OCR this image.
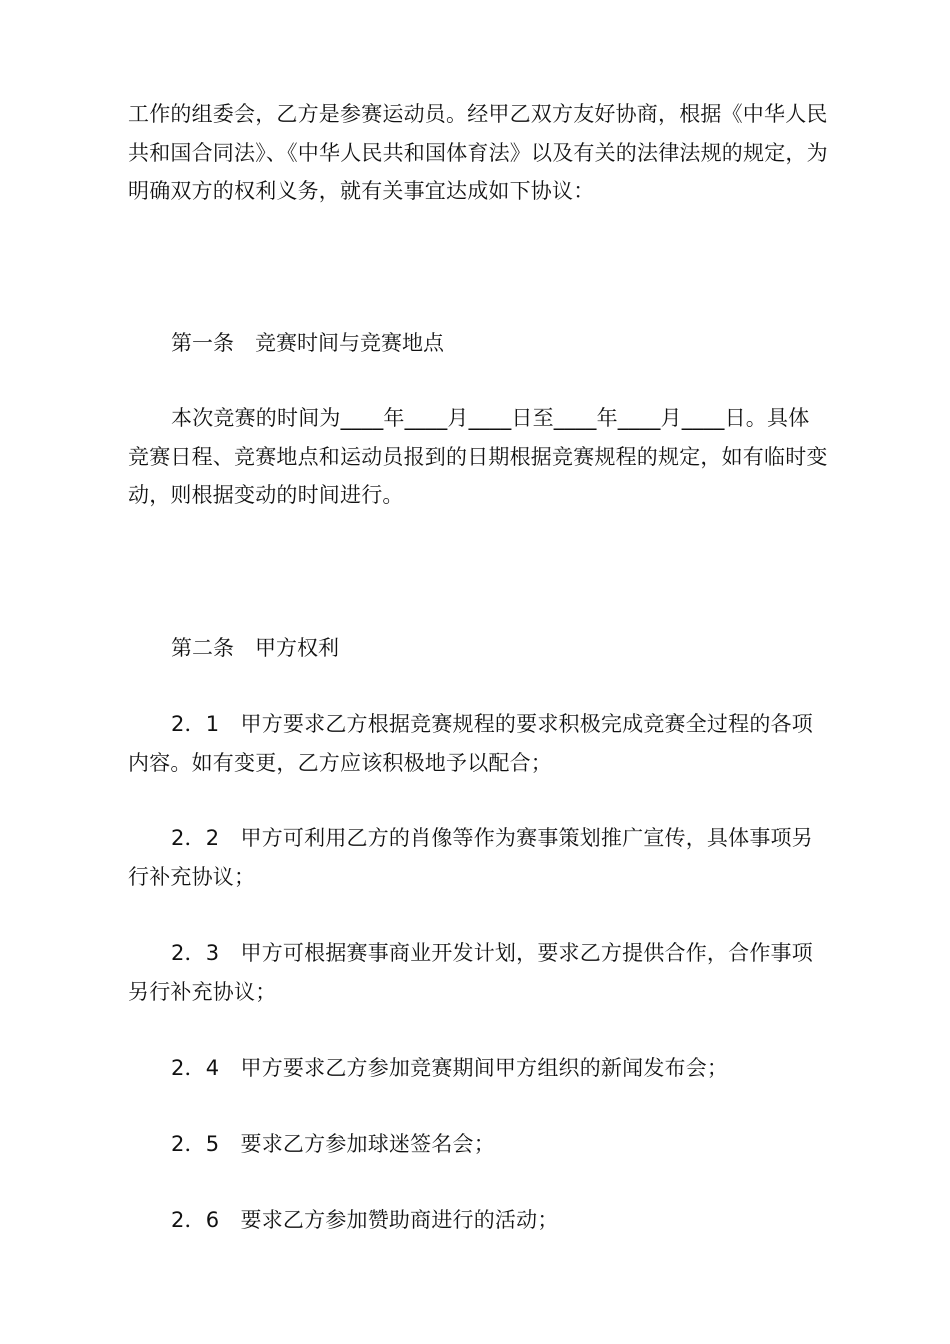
工作的组委会，乙方是参赛运动员。经甲乙双方友好协商，根据《中华人民共和国合同法》、《中华人民共和国体育法》以及有关的法律法规的规定，为明确双方的权利义务，就有关事宜达成如下协议：

第一条　竞赛时间与竞赛地点

本次竞赛的时间为____年____月____日至____年____月____日。具体竞赛日程、竞赛地点和运动员报到的日期根据竞赛规程的规定，如有临时变动，则根据变动的时间进行。

第二条　甲方权利

2．1　甲方要求乙方根据竞赛规程的要求积极完成竞赛全过程的各项内容。如有变更，乙方应该积极地予以配合；

2．2　甲方可利用乙方的肖像等作为赛事策划推广宣传，具体事项另行补充协议；

2．3　甲方可根据赛事商业开发计划，要求乙方提供合作，合作事项另行补充协议；

2．4　甲方要求乙方参加竞赛期间甲方组织的新闻发布会；

2．5　要求乙方参加球迷签名会；

2．6　要求乙方参加赞助商进行的活动；
